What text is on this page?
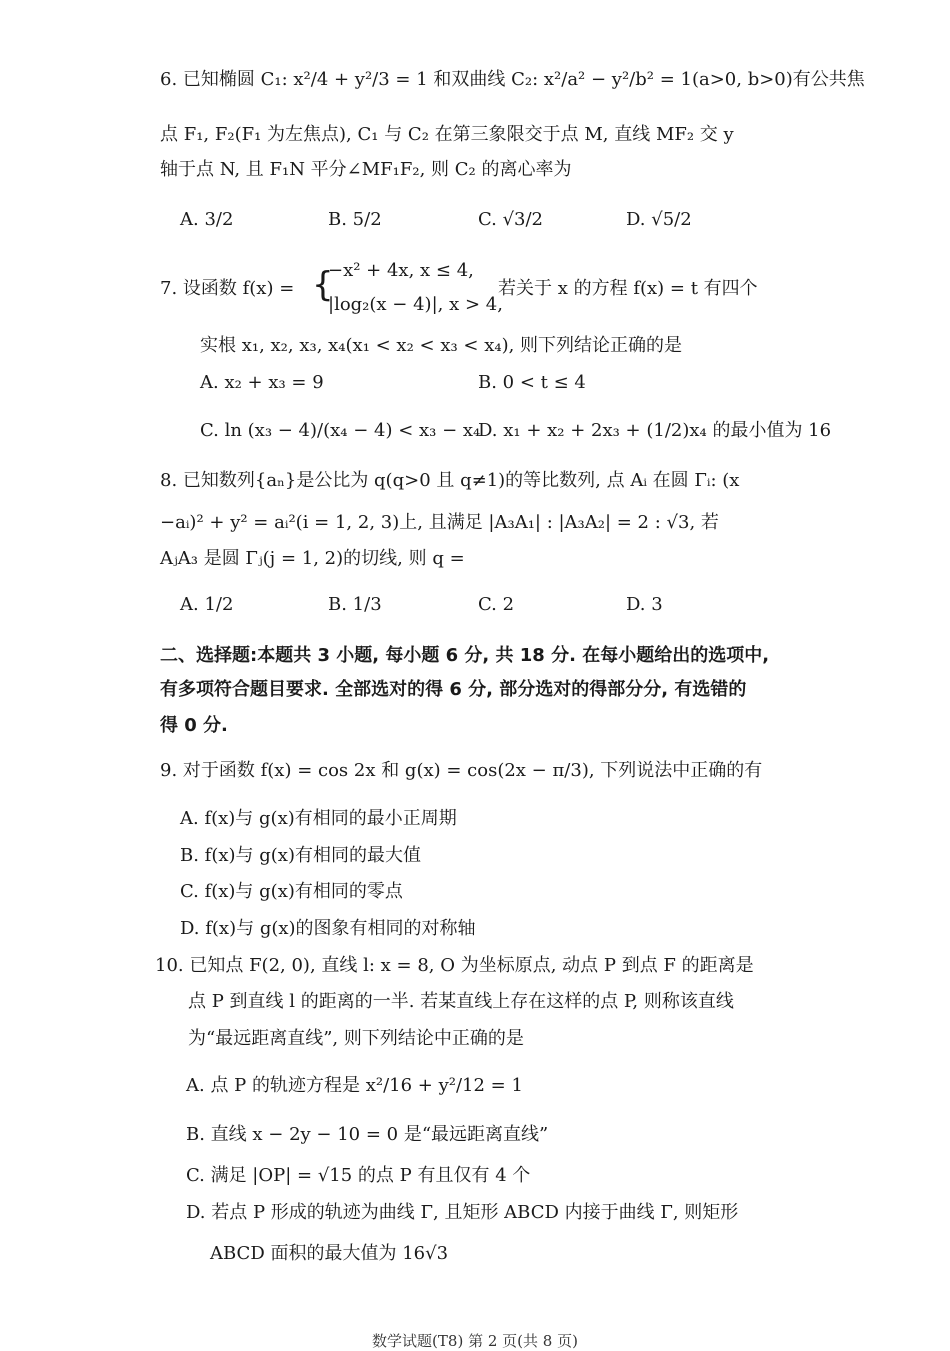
6. 已知椭圆 C₁: x²/4 + y²/3 = 1 和双曲线 C₂: x²/a² − y²/b² = 1(a>0, b>0)有公共焦
点 F₁, F₂(F₁ 为左焦点), C₁ 与 C₂ 在第三象限交于点 M, 直线 MF₂ 交 y
轴于点 N, 且 F₁N 平分∠MF₁F₂, 则 C₂ 的离心率为
A. 3/2	B. 5/2	C. √3/2	D. √5/2
7. 设函数 f(x) = {
−x² + 4x, x ≤ 4,
|log₂(x − 4)|, x > 4,
若关于 x 的方程 f(x) = t 有四个
实根 x₁, x₂, x₃, x₄(x₁ < x₂ < x₃ < x₄), 则下列结论正确的是
A. x₂ + x₃ = 9	B. 0 < t ≤ 4
C. ln (x₃ − 4)/(x₄ − 4) < x₃ − x₄
D. x₁ + x₂ + 2x₃ + (1/2)x₄ 的最小值为 16
8. 已知数列{aₙ}是公比为 q(q>0 且 q≠1)的等比数列, 点 Aᵢ 在圆 Γᵢ: (x
−aᵢ)² + y² = aᵢ²(i = 1, 2, 3)上, 且满足 |A₃A₁| : |A₃A₂| = 2 : √3, 若
AⱼA₃ 是圆 Γⱼ(j = 1, 2)的切线, 则 q =
A. 1/2	B. 1/3	C. 2	D. 3
二、选择题:本题共 3 小题, 每小题 6 分, 共 18 分. 在每小题给出的选项中,
有多项符合题目要求. 全部选对的得 6 分, 部分选对的得部分分, 有选错的
得 0 分.
9. 对于函数 f(x) = cos 2x 和 g(x) = cos(2x − π/3), 下列说法中正确的有
A. f(x)与 g(x)有相同的最小正周期
B. f(x)与 g(x)有相同的最大值
C. f(x)与 g(x)有相同的零点
D. f(x)与 g(x)的图象有相同的对称轴
10. 已知点 F(2, 0), 直线 l: x = 8, O 为坐标原点, 动点 P 到点 F 的距离是
点 P 到直线 l 的距离的一半. 若某直线上存在这样的点 P, 则称该直线
为“最远距离直线”, 则下列结论中正确的是
A. 点 P 的轨迹方程是 x²/16 + y²/12 = 1
B. 直线 x − 2y − 10 = 0 是“最远距离直线”
C. 满足 |OP| = √15 的点 P 有且仅有 4 个
D. 若点 P 形成的轨迹为曲线 Γ, 且矩形 ABCD 内接于曲线 Γ, 则矩形
ABCD 面积的最大值为 16√3
数学试题(T8) 第 2 页(共 8 页)
